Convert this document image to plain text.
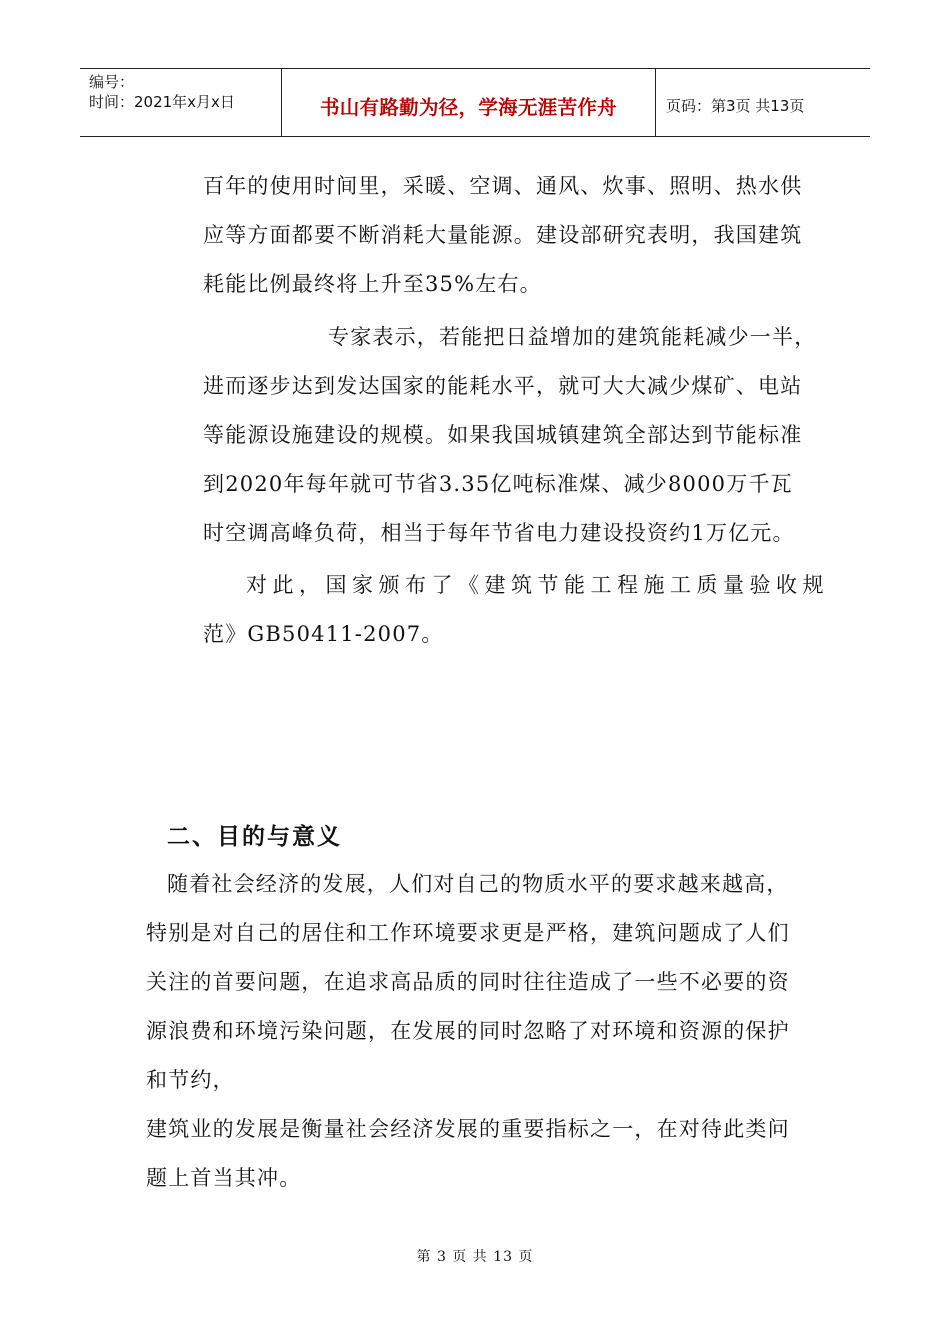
编号：
时间：2021年x月x日	书山有路勤为径，学海无涯苦作舟	页码：第3页 共13页
百年的使用时间里，采暖、空调、通风、炊事、照明、热水供
应等方面都要不断消耗大量能源。建设部研究表明，我国建筑
耗能比例最终将上升至35%左右。
专家表示，若能把日益增加的建筑能耗减少一半，
进而逐步达到发达国家的能耗水平，就可大大减少煤矿、电站
等能源设施建设的规模。如果我国城镇建筑全部达到节能标准
到2020年每年就可节省3.35亿吨标准煤、减少8000万千瓦
时空调高峰负荷，相当于每年节省电力建设投资约1万亿元。
对此，国家颁布了《建筑节能工程施工质量验收规
范》GB50411-2007。
二、目的与意义
随着社会经济的发展，人们对自己的物质水平的要求越来越高，
特别是对自己的居住和工作环境要求更是严格，建筑问题成了人们
关注的首要问题，在追求高品质的同时往往造成了一些不必要的资
源浪费和环境污染问题，在发展的同时忽略了对环境和资源的保护
和节约，
建筑业的发展是衡量社会经济发展的重要指标之一，在对待此类问
题上首当其冲。
第 3 页 共 13 页
